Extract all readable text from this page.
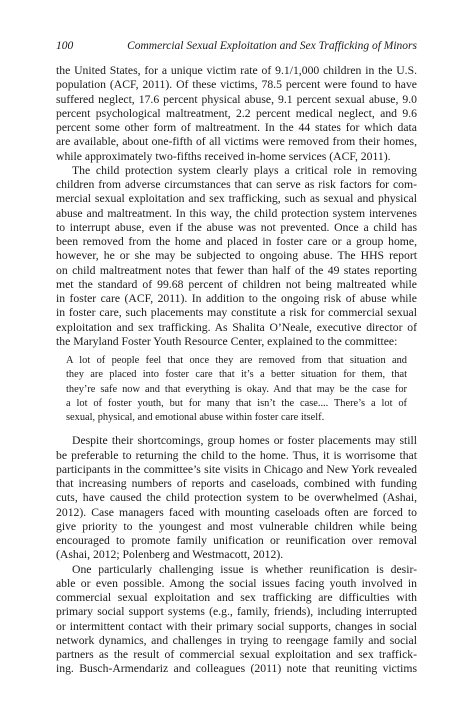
100	Commercial Sexual Exploitation and Sex Trafficking of Minors
the United States, for a unique victim rate of 9.1/1,000 children in the U.S.
population (ACF, 2011). Of these victims, 78.5 percent were found to have
suffered neglect, 17.6 percent physical abuse, 9.1 percent sexual abuse, 9.0
percent psychological maltreatment, 2.2 percent medical neglect, and 9.6
percent some other form of maltreatment. In the 44 states for which data
are available, about one-fifth of all victims were removed from their homes,
while approximately two-fifths received in-home services (ACF, 2011).
The child protection system clearly plays a critical role in removing
children from adverse circumstances that can serve as risk factors for com-
mercial sexual exploitation and sex trafficking, such as sexual and physical
abuse and maltreatment. In this way, the child protection system intervenes
to interrupt abuse, even if the abuse was not prevented. Once a child has
been removed from the home and placed in foster care or a group home,
however, he or she may be subjected to ongoing abuse. The HHS report
on child maltreatment notes that fewer than half of the 49 states reporting
met the standard of 99.68 percent of children not being maltreated while
in foster care (ACF, 2011). In addition to the ongoing risk of abuse while
in foster care, such placements may constitute a risk for commercial sexual
exploitation and sex trafficking. As Shalita O’Neale, executive director of
the Maryland Foster Youth Resource Center, explained to the committee:
A lot of people feel that once they are removed from that situation and
they are placed into foster care that it’s a better situation for them, that
they’re safe now and that everything is okay. And that may be the case for
a lot of foster youth, but for many that isn’t the case.... There’s a lot of
sexual, physical, and emotional abuse within foster care itself.
Despite their shortcomings, group homes or foster placements may still
be preferable to returning the child to the home. Thus, it is worrisome that
participants in the committee’s site visits in Chicago and New York revealed
that increasing numbers of reports and caseloads, combined with funding
cuts, have caused the child protection system to be overwhelmed (Ashai,
2012). Case managers faced with mounting caseloads often are forced to
give priority to the youngest and most vulnerable children while being
encouraged to promote family unification or reunification over removal
(Ashai, 2012; Polenberg and Westmacott, 2012).
One particularly challenging issue is whether reunification is desir-
able or even possible. Among the social issues facing youth involved in
commercial sexual exploitation and sex trafficking are difficulties with
primary social support systems (e.g., family, friends), including interrupted
or intermittent contact with their primary social supports, changes in social
network dynamics, and challenges in trying to reengage family and social
partners as the result of commercial sexual exploitation and sex traffick-
ing. Busch-Armendariz and colleagues (2011) note that reuniting victims
